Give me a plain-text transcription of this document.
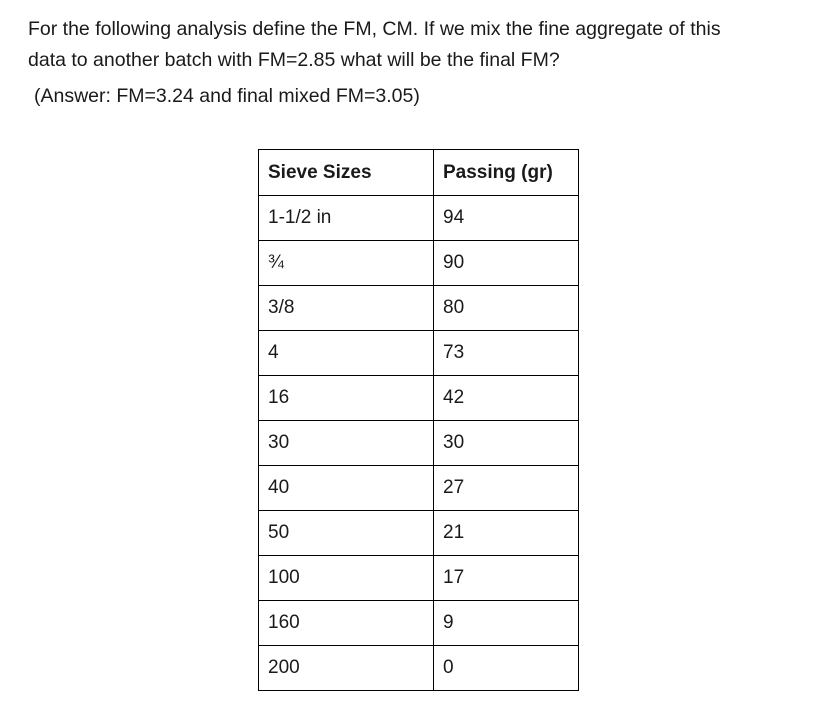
For the following analysis define the FM, CM. If we mix the fine aggregate of this

data to another batch with FM=2.85 what will be the final FM?

(Answer: FM=3.24 and final mixed FM=3.05)

Sieve Sizes	Passing (gr)
1-1/2 in	94
¾	90
3/8	80
4	73
16	42
30	30
40	27
50	21
100	17
160	9
200	0
